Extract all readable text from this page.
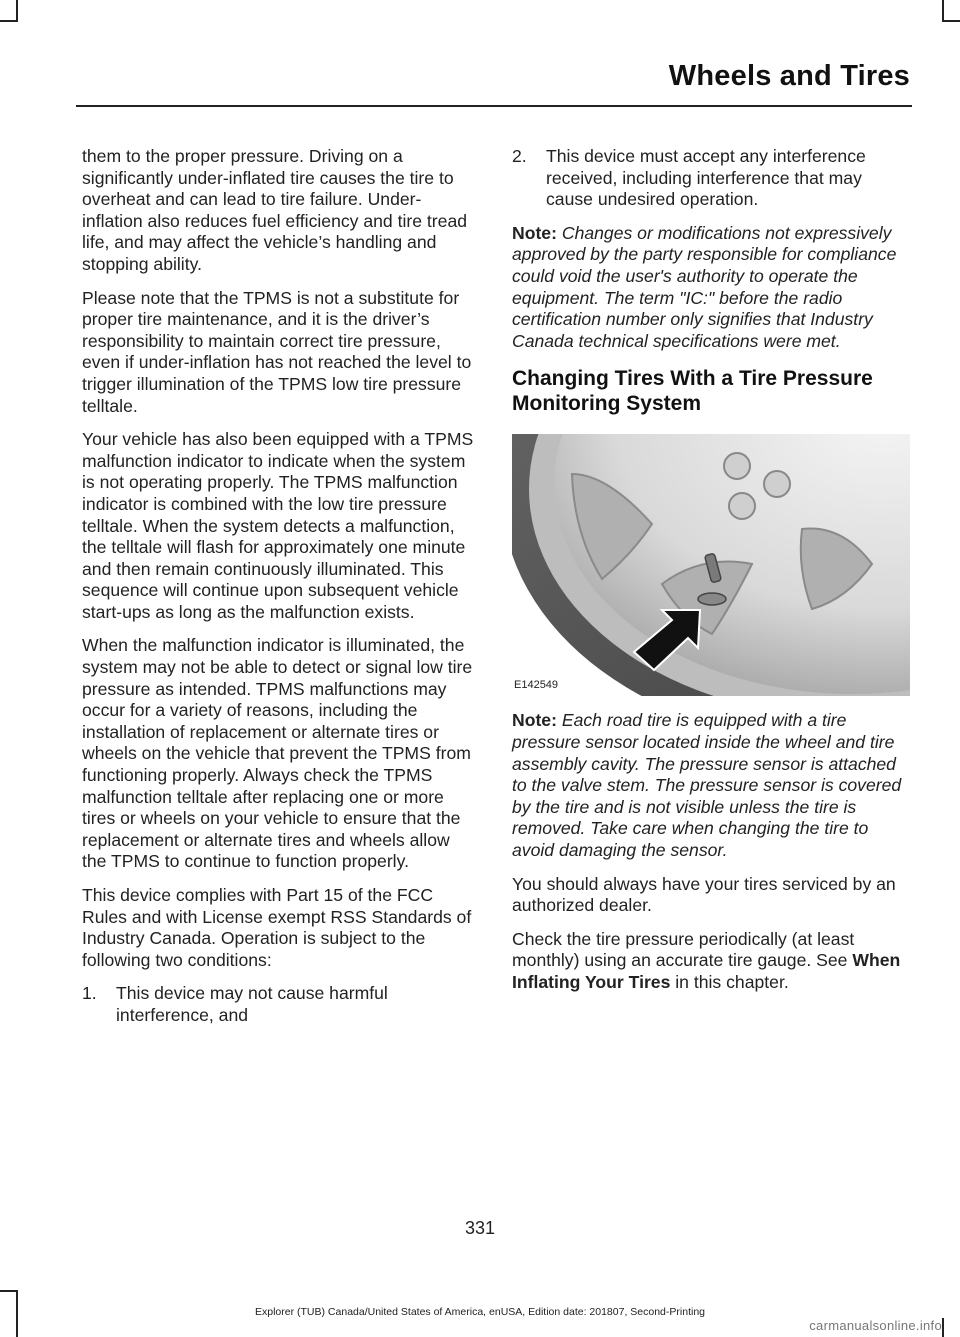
Wheels and Tires

them to the proper pressure. Driving on a significantly under-inflated tire causes the tire to overheat and can lead to tire failure. Under-inflation also reduces fuel efficiency and tire tread life, and may affect the vehicle’s handling and stopping ability.

Please note that the TPMS is not a substitute for proper tire maintenance, and it is the driver’s responsibility to maintain correct tire pressure, even if under-inflation has not reached the level to trigger illumination of the TPMS low tire pressure telltale.

Your vehicle has also been equipped with a TPMS malfunction indicator to indicate when the system is not operating properly. The TPMS malfunction indicator is combined with the low tire pressure telltale. When the system detects a malfunction, the telltale will flash for approximately one minute and then remain continuously illuminated. This sequence will continue upon subsequent vehicle start-ups as long as the malfunction exists.

When the malfunction indicator is illuminated, the system may not be able to detect or signal low tire pressure as intended. TPMS malfunctions may occur for a variety of reasons, including the installation of replacement or alternate tires or wheels on the vehicle that prevent the TPMS from functioning properly. Always check the TPMS malfunction telltale after replacing one or more tires or wheels on your vehicle to ensure that the replacement or alternate tires and wheels allow the TPMS to continue to function properly.

This device complies with Part 15 of the FCC Rules and with License exempt RSS Standards of Industry Canada. Operation is subject to the following two conditions:

1.	This device may not cause harmful interference, and
2.	This device must accept any interference received, including interference that may cause undesired operation.

Note: Changes or modifications not expressively approved by the party responsible for compliance could void the user's authority to operate the equipment. The term "IC:" before the radio certification number only signifies that Industry Canada technical specifications were met.

Changing Tires With a Tire Pressure Monitoring System
E142549

Note: Each road tire is equipped with a tire pressure sensor located inside the wheel and tire assembly cavity. The pressure sensor is attached to the valve stem. The pressure sensor is covered by the tire and is not visible unless the tire is removed. Take care when changing the tire to avoid damaging the sensor.

You should always have your tires serviced by an authorized dealer.

Check the tire pressure periodically (at least monthly) using an accurate tire gauge. See When Inflating Your Tires in this chapter.

331
Explorer (TUB) Canada/United States of America, enUSA, Edition date: 201807, Second-Printing
carmanualsonline.info
